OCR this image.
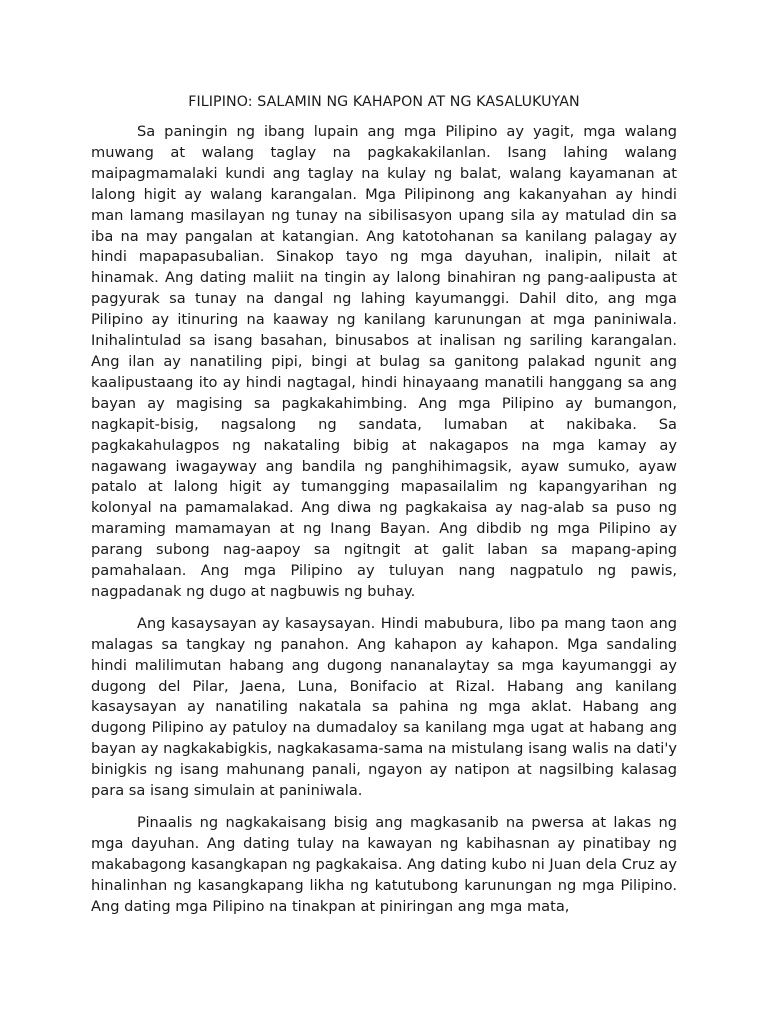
FILIPINO: SALAMIN NG KAHAPON AT NG KASALUKUYAN

Sa paningin ng ibang lupain ang mga Pilipino ay yagit, mga walang muwang at walang taglay na pagkakakilanlan. Isang lahing walang maipagmamalaki kundi ang taglay na kulay ng balat, walang kayamanan at lalong higit ay walang karangalan. Mga Pilipinong ang kakanyahan ay hindi man lamang masilayan ng tunay na sibilisasyon upang sila ay matulad din sa iba na may pangalan at katangian. Ang katotohanan sa kanilang palagay ay hindi mapapasubalian. Sinakop tayo ng mga dayuhan, inalipin, nilait at hinamak. Ang dating maliit na tingin ay lalong binahiran ng pang-aalipusta at pagyurak sa tunay na dangal ng lahing kayumanggi. Dahil dito, ang mga Pilipino ay itinuring na kaaway ng kanilang karunungan at mga paniniwala. Inihalintulad sa isang basahan, binusabos at inalisan ng sariling karangalan. Ang ilan ay nanatiling pipi, bingi at bulag sa ganitong palakad ngunit ang kaalipustaang ito ay hindi nagtagal, hindi hinayaang manatili hanggang sa ang bayan ay magising sa pagkakahimbing. Ang mga Pilipino ay bumangon, nagkapit-bisig, nagsalong ng sandata, lumaban at nakibaka. Sa pagkakahulagpos ng nakataling bibig at nakagapos na mga kamay ay nagawang iwagayway ang bandila ng panghihimagsik, ayaw sumuko, ayaw patalo at lalong higit ay tumangging mapasailalim ng kapangyarihan ng kolonyal na pamamalakad. Ang diwa ng pagkakaisa ay nag-alab sa puso ng maraming mamamayan at ng Inang Bayan. Ang dibdib ng mga Pilipino ay parang subong nag-aapoy sa ngitngit at galit laban sa mapang-aping pamahalaan. Ang mga Pilipino ay tuluyan nang nagpatulo ng pawis, nagpadanak ng dugo at nagbuwis ng buhay.

Ang kasaysayan ay kasaysayan. Hindi mabubura, libo pa mang taon ang malagas sa tangkay ng panahon. Ang kahapon ay kahapon. Mga sandaling hindi malilimutan habang ang dugong nananalaytay sa mga kayumanggi ay dugong del Pilar, Jaena, Luna, Bonifacio at Rizal. Habang ang kanilang kasaysayan ay nanatiling nakatala sa pahina ng mga aklat. Habang ang dugong Pilipino ay patuloy na dumadaloy sa kanilang mga ugat at habang ang bayan ay nagkakabigkis, nagkakasama-sama na mistulang isang walis na dati'y binigkis ng isang mahunang panali, ngayon ay natipon at nagsilbing kalasag para sa isang simulain at paniniwala.

Pinaalis ng nagkakaisang bisig ang magkasanib na pwersa at lakas ng mga dayuhan. Ang dating tulay na kawayan ng kabihasnan ay pinatibay ng makabagong kasangkapan ng pagkakaisa. Ang dating kubo ni Juan dela Cruz ay hinalinhan ng kasangkapang likha ng katutubong karunungan ng mga Pilipino. Ang dating mga Pilipino na tinakpan at piniringan ang mga mata,
